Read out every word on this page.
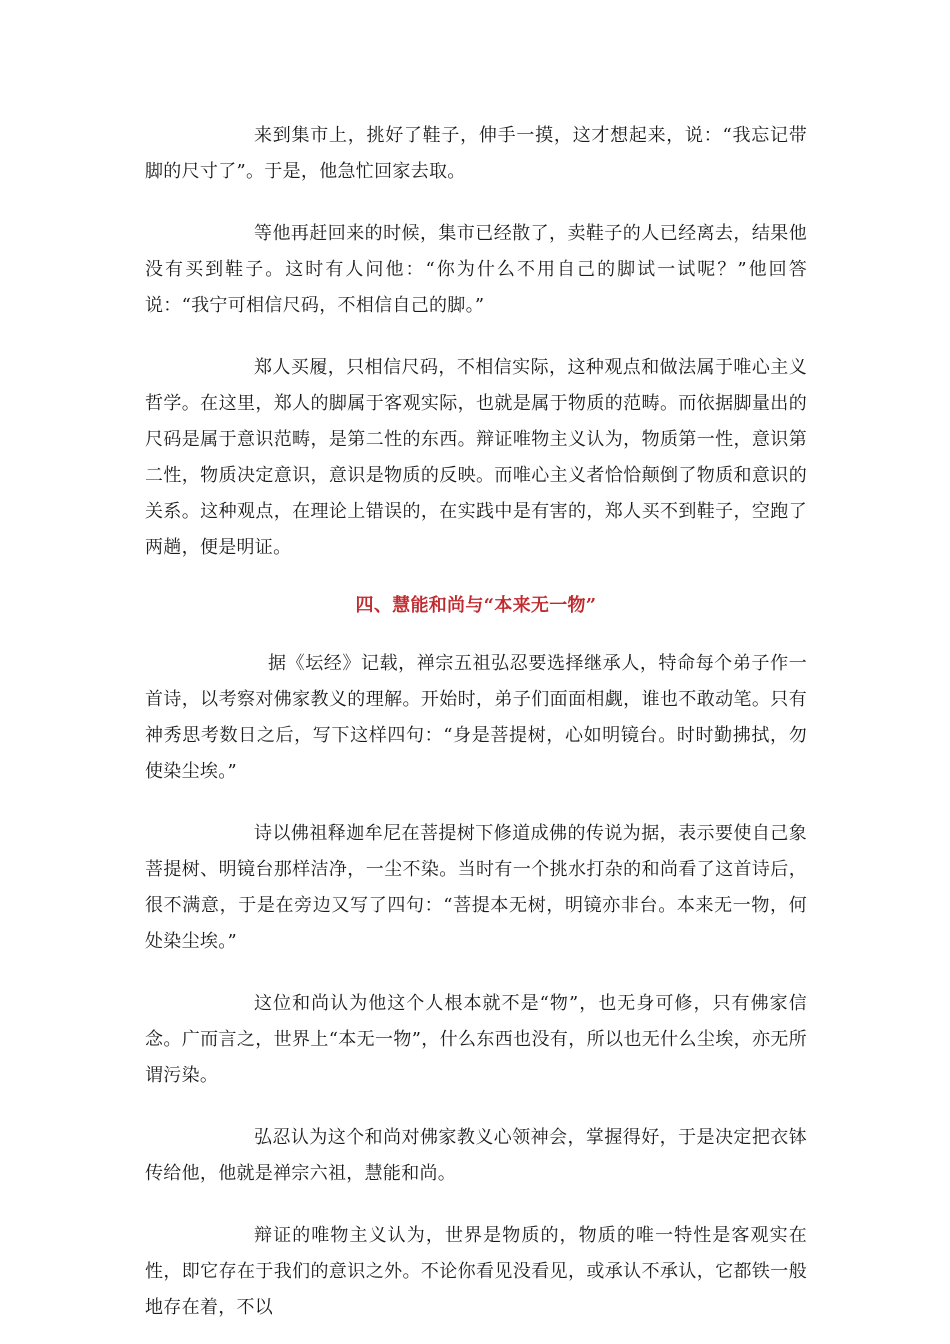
来到集市上，挑好了鞋子，伸手一摸，这才想起来，说：“我忘记带脚的尺寸了”。于是，他急忙回家去取。

等他再赶回来的时候，集市已经散了，卖鞋子的人已经离去，结果他没有买到鞋子。这时有人问他：“你为什么不用自己的脚试一试呢？”他回答说：“我宁可相信尺码，不相信自己的脚。”

郑人买履，只相信尺码，不相信实际，这种观点和做法属于唯心主义哲学。在这里，郑人的脚属于客观实际，也就是属于物质的范畴。而依据脚量出的尺码是属于意识范畴，是第二性的东西。辩证唯物主义认为，物质第一性，意识第二性，物质决定意识，意识是物质的反映。而唯心主义者恰恰颠倒了物质和意识的关系。这种观点，在理论上错误的，在实践中是有害的，郑人买不到鞋子，空跑了两趟，便是明证。

四、慧能和尚与“本来无一物”

据《坛经》记载，禅宗五祖弘忍要选择继承人，特命每个弟子作一首诗，以考察对佛家教义的理解。开始时，弟子们面面相觑，谁也不敢动笔。只有神秀思考数日之后，写下这样四句：“身是菩提树，心如明镜台。时时勤拂拭，勿使染尘埃。”

诗以佛祖释迦牟尼在菩提树下修道成佛的传说为据，表示要使自己象菩提树、明镜台那样洁净，一尘不染。当时有一个挑水打杂的和尚看了这首诗后，很不满意，于是在旁边又写了四句：“菩提本无树，明镜亦非台。本来无一物，何处染尘埃。”

这位和尚认为他这个人根本就不是“物”，也无身可修，只有佛家信念。广而言之，世界上“本无一物”，什么东西也没有，所以也无什么尘埃，亦无所谓污染。

弘忍认为这个和尚对佛家教义心领神会，掌握得好，于是决定把衣钵传给他，他就是禅宗六祖，慧能和尚。

辩证的唯物主义认为，世界是物质的，物质的唯一特性是客观实在性，即它存在于我们的意识之外。不论你看见没看见，或承认不承认，它都铁一般地存在着，不以
